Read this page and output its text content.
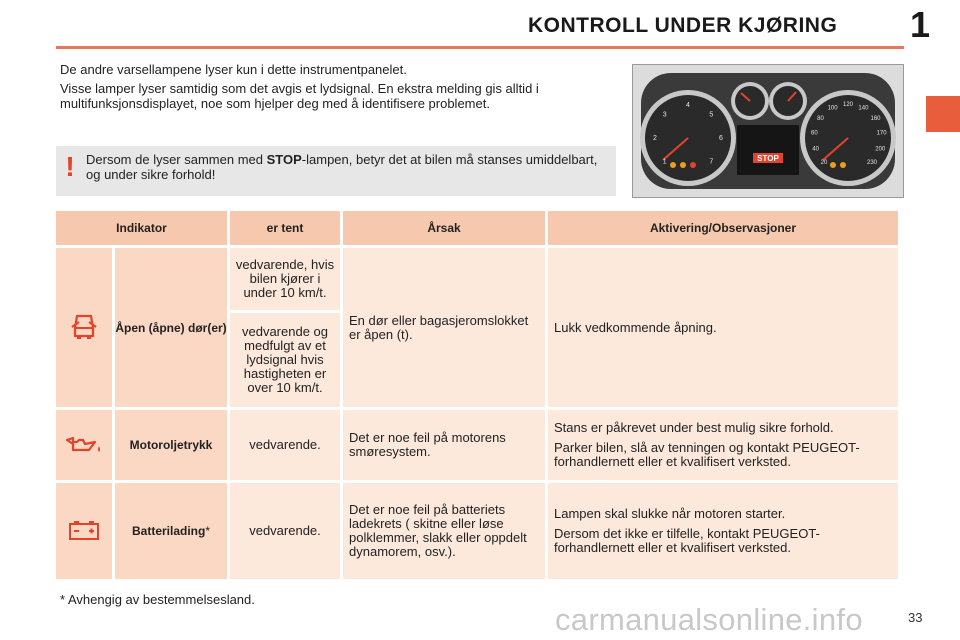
KONTROLL UNDER KJØRING	1

De andre varsellampene lyser kun i dette instrumentpanelet.

Visse lamper lyser samtidig som det avgis et lydsignal. En ekstra melding gis alltid i multifunksjonsdisplayet, noe som hjelper deg med å identifisere problemet.

! Dersom de lyser sammen med STOP-lampen, betyr det at bilen må stanses umiddelbart, og under sikre forhold!
1
2
3
4
5
6
7	20
40
60
80
100
120
140
160
170
200
230
STOP
Indikator		er tent	Årsak	Aktivering/Observasjoner
	Åpen (åpne) dør(er)	vedvarende, hvis bilen kjører i under 10 km/t.	En dør eller bagasjeromslokket er åpen (t).	Lukk vedkommende åpning.

		vedvarende og medfulgt av et lydsignal hvis hastigheten er over 10 km/t.		
	Motoroljetrykk	vedvarende.	Det er noe feil på motorens smøresystem.	Stans er påkrevet under best mulig sikre forhold.

Parker bilen, slå av tenningen og kontakt PEUGEOT-forhandlernett eller et kvalifisert verksted.

	Batterilading*	vedvarende.	Det er noe feil på batteriets ladekrets ( skitne eller løse polklemmer, slakk eller oppdelt dynamorem, osv.).	Lampen skal slukke når motoren starter.

Dersom det ikke er tilfelle, kontakt PEUGEOT-forhandlernett eller et kvalifisert verksted.

* Avhengig av bestemmelsesland.
carmanualsonline.info	33
